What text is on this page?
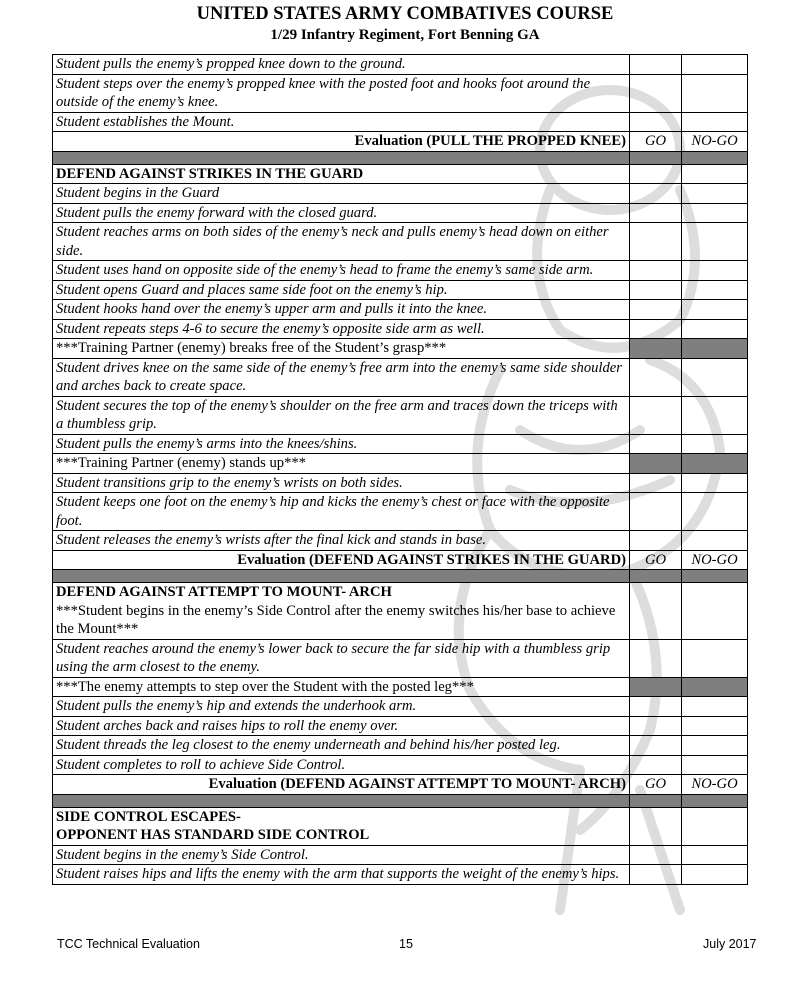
UNITED STATES ARMY COMBATIVES COURSE
1/29 Infantry Regiment, Fort Benning GA
Student pulls the enemy’s propped knee down to the ground.		
Student steps over the enemy’s propped knee with the posted foot and hooks foot around the outside of the enemy’s knee.		
Student establishes the Mount.		
Evaluation (PULL THE PROPPED KNEE)	GO	NO-GO

DEFEND AGAINST STRIKES IN THE GUARD		

Student begins in the Guard		
Student pulls the enemy forward with the closed guard.		
Student reaches arms on both sides of the enemy’s neck and pulls enemy’s head down on either side.		
Student uses hand on opposite side of the enemy’s head to frame the enemy’s same side arm.		
Student opens Guard and places same side foot on the enemy’s hip.		
Student hooks hand over the enemy’s upper arm and pulls it into the knee.		
Student repeats steps 4-6 to secure the enemy’s opposite side arm as well.		
***Training Partner (enemy) breaks free of the Student’s grasp***		
Student drives knee on the same side of the enemy’s free arm into the enemy’s same side shoulder and arches back to create space.		
Student secures the top of the enemy’s shoulder on the free arm and traces down the triceps with a thumbless grip.		
Student pulls the enemy’s arms into the knees/shins.		
***Training Partner (enemy) stands up***		
Student transitions grip to the enemy’s wrists on both sides.		
Student keeps one foot on the enemy’s hip and kicks the enemy’s chest or face with the opposite foot.		
Student releases the enemy’s wrists after the final kick and stands in base.		
Evaluation (DEFEND AGAINST STRIKES IN THE GUARD)	GO	NO-GO

DEFEND AGAINST ATTEMPT TO MOUNT- ARCH
***Student begins in the enemy’s Side Control after the enemy switches his/her base to achieve the Mount***		

Student reaches around the enemy’s lower back to secure the far side hip with a thumbless grip using the arm closest to the enemy.		
***The enemy attempts to step over the Student with the posted leg***		
Student pulls the enemy’s hip and extends the underhook arm.		
Student arches back and raises hips to roll the enemy over.		
Student threads the leg closest to the enemy underneath and behind his/her posted leg.		
Student completes to roll to achieve Side Control.		
Evaluation (DEFEND AGAINST ATTEMPT TO MOUNT- ARCH)	GO	NO-GO

SIDE CONTROL ESCAPES-
OPPONENT HAS STANDARD SIDE CONTROL		

Student begins in the enemy’s Side Control.		
Student raises hips and lifts the enemy with the arm that supports the weight of the enemy’s hips.		
TCC Technical Evaluation	15	July 2017
